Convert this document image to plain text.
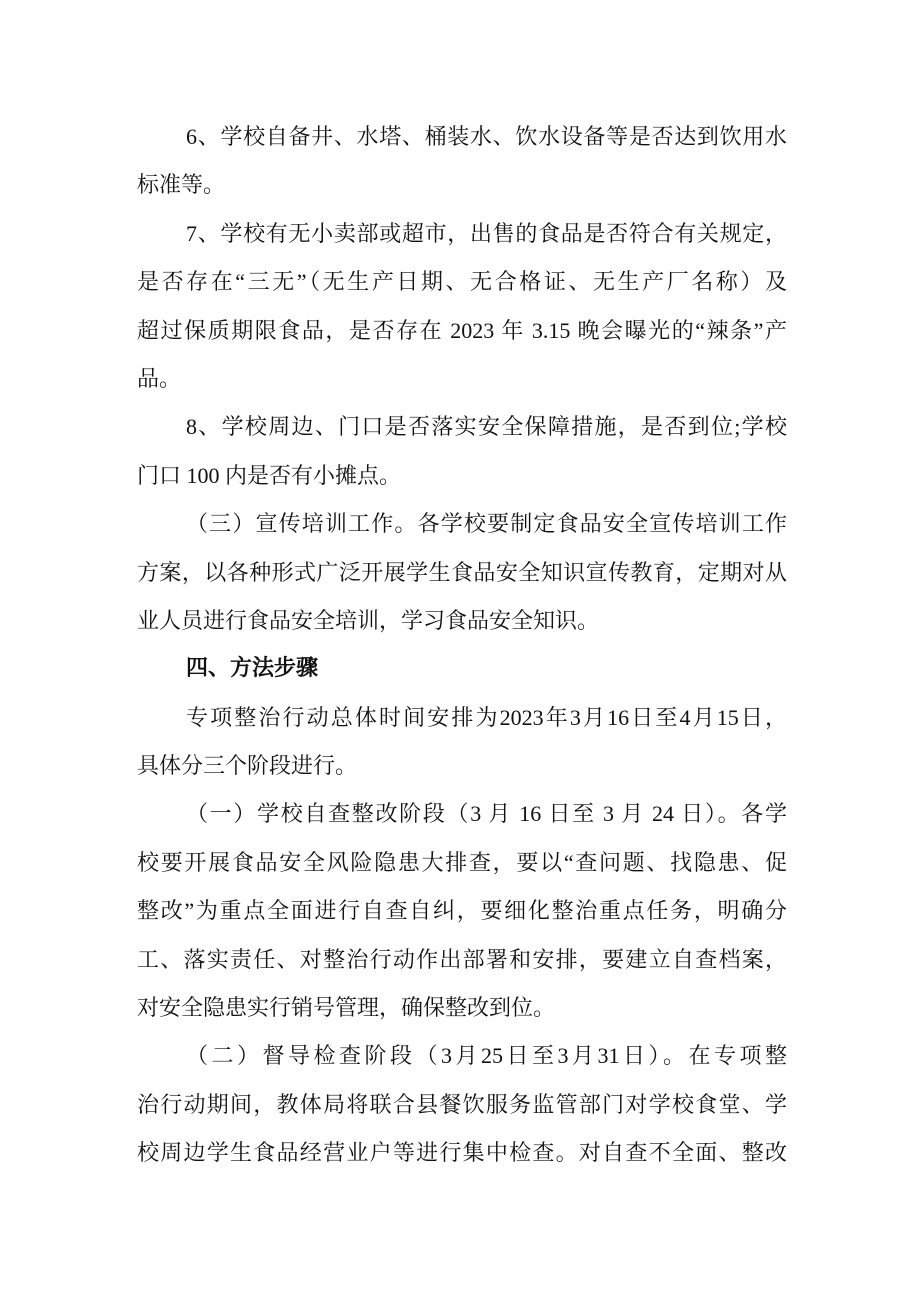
6、学校自备井、水塔、桶装水、饮水设备等是否达到饮用水
标准等。
7、学校有无小卖部或超市，出售的食品是否符合有关规定，
是否存在“三无”（无生产日期、无合格证、无生产厂名称）及
超过保质期限食品，是否存在 2023 年 3.15 晚会曝光的“辣条”产
品。
8、学校周边、门口是否落实安全保障措施，是否到位;学校
门口 100 内是否有小摊点。
（三）宣传培训工作。各学校要制定食品安全宣传培训工作
方案，以各种形式广泛开展学生食品安全知识宣传教育，定期对从
业人员进行食品安全培训，学习食品安全知识。
四、方法步骤
专项整治行动总体时间安排为2023年3月16日至4月15日，
具体分三个阶段进行。
（一）学校自查整改阶段（3 月 16 日至 3 月 24 日）。各学
校要开展食品安全风险隐患大排查，要以“查问题、找隐患、促
整改”为重点全面进行自查自纠，要细化整治重点任务，明确分
工、落实责任、对整治行动作出部署和安排，要建立自查档案，
对安全隐患实行销号管理，确保整改到位。
（二）督导检查阶段（3月25日至3月31日）。在专项整
治行动期间，教体局将联合县餐饮服务监管部门对学校食堂、学
校周边学生食品经营业户等进行集中检查。对自查不全面、整改
